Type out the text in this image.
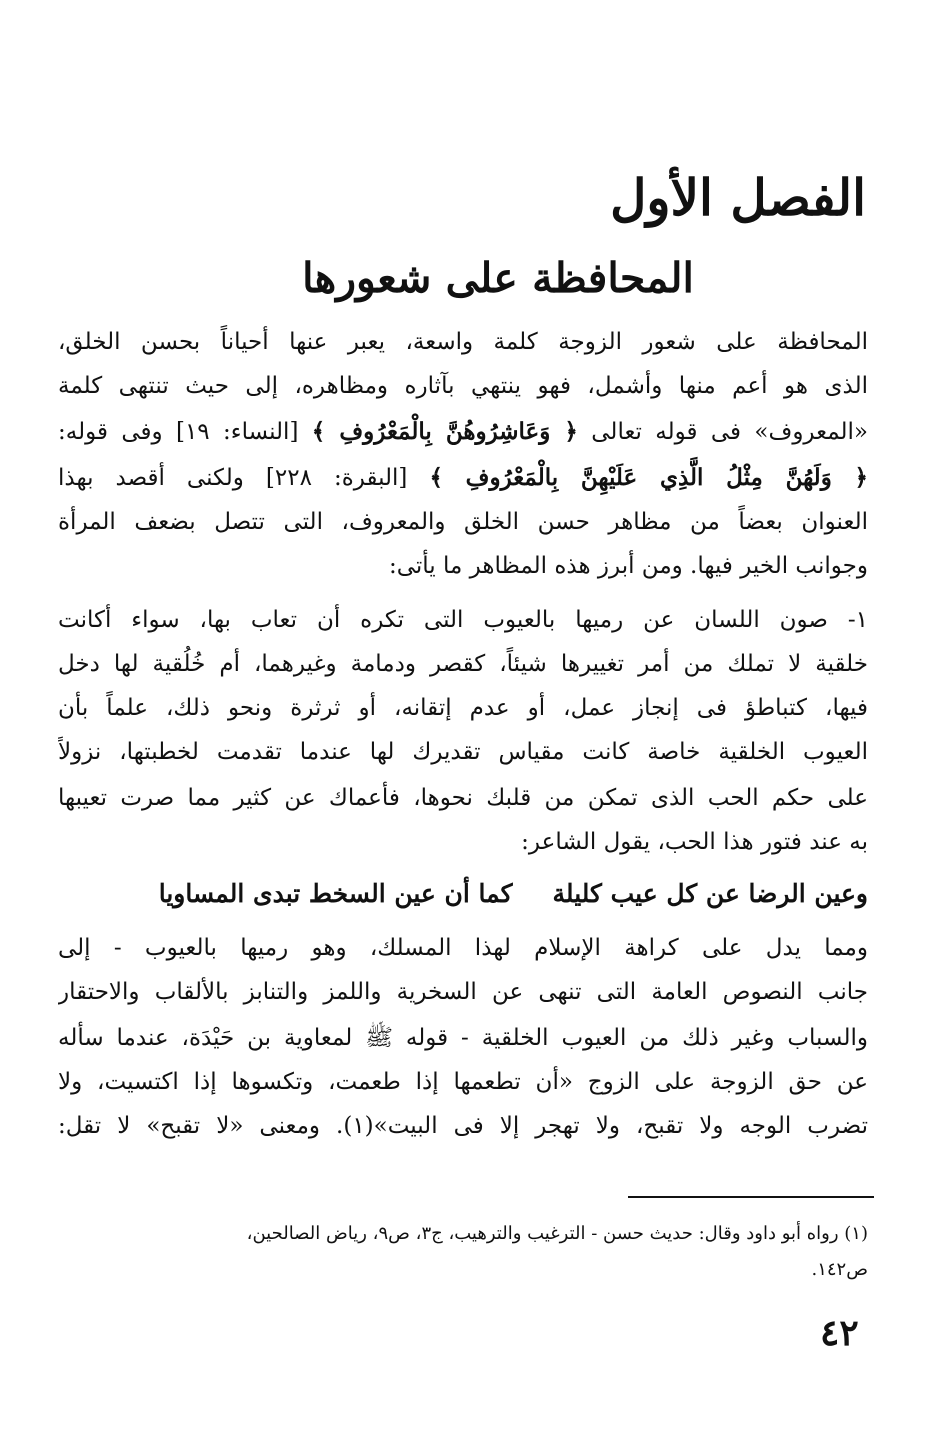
الفصل الأول
المحافظة على شعورها
المحافظة على شعور الزوجة كلمة واسعة، يعبر عنها أحياناً بحسن الخلق،
الذى هو أعم منها وأشمل، فهو ينتهي بآثاره ومظاهره، إلى حيث تنتهى كلمة
«المعروف» فى قوله تعالى ﴿ وَعَاشِرُوهُنَّ بِالْمَعْرُوفِ ﴾ [النساء: ١٩] وفى قوله:
﴿ وَلَهُنَّ مِثْلُ الَّذِي عَلَيْهِنَّ بِالْمَعْرُوفِ ﴾ [البقرة: ٢٢٨] ولكنى أقصد بهذا
العنوان بعضاً من مظاهر حسن الخلق والمعروف، التى تتصل بضعف المرأة
وجوانب الخير فيها. ومن أبرز هذه المظاهر ما يأتى:
١- صون اللسان عن رميها بالعيوب التى تكره أن تعاب بها، سواء أكانت
خلقية لا تملك من أمر تغييرها شيئاً، كقصر ودمامة وغيرهما، أم خُلُقية لها دخل
فيها، كتباطؤ فى إنجاز عمل، أو عدم إتقانه، أو ثرثرة ونحو ذلك، علماً بأن
العيوب الخلقية خاصة كانت مقياس تقديرك لها عندما تقدمت لخطبتها، نزولاً
على حكم الحب الذى تمكن من قلبك نحوها، فأعماك عن كثير مما صرت تعيبها
به عند فتور هذا الحب، يقول الشاعر:
وعين الرضا عن كل عيب كليلةكما أن عين السخط تبدى المساويا
ومما يدل على كراهة الإسلام لهذا المسلك، وهو رميها بالعيوب - إلى
جانب النصوص العامة التى تنهى عن السخرية واللمز والتنابز بالألقاب والاحتقار
والسباب وغير ذلك من العيوب الخلقية - قوله ﷺ لمعاوية بن حَيْدَة، عندما سأله
عن حق الزوجة على الزوج «أن تطعمها إذا طعمت، وتكسوها إذا اكتسيت، ولا
تضرب الوجه ولا تقبح، ولا تهجر إلا فى البيت»(١). ومعنى «لا تقبح» لا تقل:
(١) رواه أبو داود وقال: حديث حسن - الترغيب والترهيب، ج٣، ص٩، رياض الصالحين،
ص١٤٢.
٤٢
